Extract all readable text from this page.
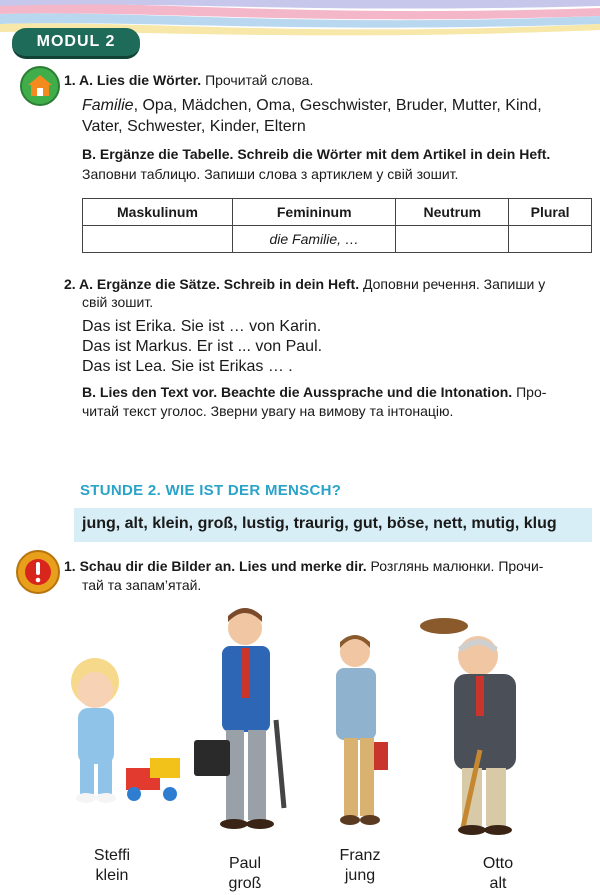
MODUL 2
1. A. Lies die Wörter. Прочитай слова.
Familie, Opa, Mädchen, Oma, Geschwister, Bruder, Mutter, Kind,
Vater, Schwester, Kinder, Eltern
B. Ergänze die Tabelle. Schreib die Wörter mit dem Artikel in dein Heft.
Заповни таблицю. Запиши слова з артиклем у свій зошит.
Maskulinum	Femininum	Neutrum	Plural
	die Familie, …		
2. A. Ergänze die Sätze. Schreib in dein Heft. Доповни речення. Запиши у
свій зошит.
Das ist Erika. Sie ist … von Karin.
Das ist Markus. Er ist ... von Paul.
Das ist Lea. Sie ist Erikas … .
B. Lies den Text vor. Beachte die Aussprache und die Intonation. Про-
читай текст уголос. Зверни увагу на вимову та інтонацію.
STUNDE 2. WIE IST DER MENSCH?
jung, alt, klein, groß, lustig, traurig, gut, böse, nett, mutig, klug
1. Schau dir die Bilder an. Lies und merke dir. Розглянь малюнки. Прочи-
тай та запам’ятай.
Steffi
klein
Paul
groß
Franz
jung
Otto
alt
